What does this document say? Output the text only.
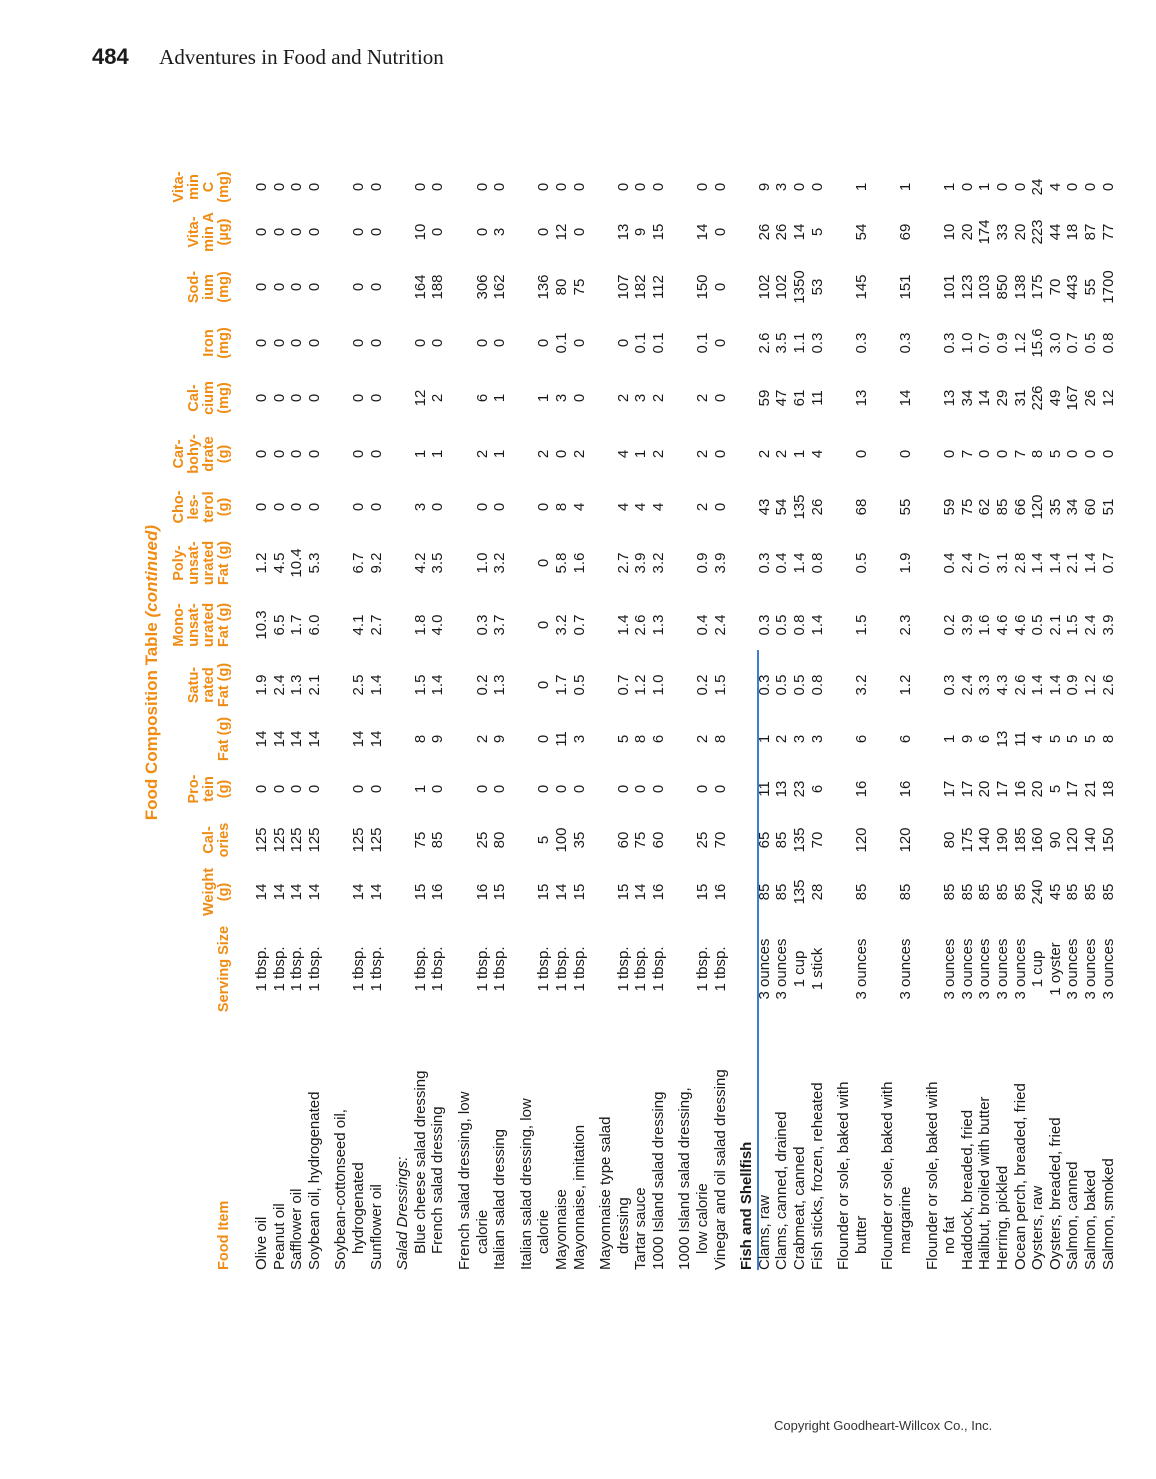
484 Adventures in Food and Nutrition
Food Composition Table (continued)
Food Item
Serving Size
Weight
(g)
Cal-
ories
Pro-
tein
(g)
Fat (g)
Satu-
rated
Fat (g)
Mono-
unsat-
urated
Fat (g)
Poly-
unsat-
urated
Fat (g)
Cho-
les-
terol
(g)
Car-
bohy-
drate
(g)
Cal-
cium
(mg)
Iron
(mg)
Sod-
ium
(mg)
Vita-
min A
(µg)
Vita-
min C
(mg)
Olive oil
1 tbsp.
14
125
0
14
1.9
10.3
1.2
0
0
0
0
0
0
0
Peanut oil
1 tbsp.
14
125
0
14
2.4
6.5
4.5
0
0
0
0
0
0
0
Safflower oil
1 tbsp.
14
125
0
14
1.3
1.7
10.4
0
0
0
0
0
0
0
Soybean oil, hydrogenated
1 tbsp.
14
125
0
14
2.1
6.0
5.3
0
0
0
0
0
0
0
Soybean-cottonseed oil, hydrogenated
1 tbsp.
14
125
0
14
2.5
4.1
6.7
0
0
0
0
0
0
0
Sunflower oil
1 tbsp.
14
125
0
14
1.4
2.7
9.2
0
0
0
0
0
0
0
Salad Dressings: Blue cheese salad dressing
1 tbsp.
15
75
1
8
1.5
1.8
4.2
3
1
12
0
164
10
0
French salad dressing
1 tbsp.
16
85
0
9
1.4
4.0
3.5
0
1
2
0
188
0
0
French salad dressing, low calorie
1 tbsp.
16
25
0
2
0.2
0.3
1.0
0
2
6
0
306
0
0
Italian salad dressing
1 tbsp.
15
80
0
9
1.3
3.7
3.2
0
1
1
0
162
3
0
Italian salad dressing, low calorie
1 tbsp.
15
5
0
0
0
0
0
0
2
1
0
136
0
0
Mayonnaise
1 tbsp.
14
100
0
11
1.7
3.2
5.8
8
0
3
0.1
80
12
0
Mayonnaise, imitation
1 tbsp.
15
35
0
3
0.5
0.7
1.6
4
2
0
0
75
0
0
Mayonnaise type salad dressing
1 tbsp.
15
60
0
5
0.7
1.4
2.7
4
4
2
0
107
13
0
Tartar sauce
1 tbsp.
14
75
0
8
1.2
2.6
3.9
4
1
3
0.1
182
9
0
1000 Island salad dressing
1 tbsp.
16
60
0
6
1.0
1.3
3.2
4
2
2
0.1
112
15
0
1000 Island salad dressing, low calorie
1 tbsp.
15
25
0
2
0.2
0.4
0.9
2
2
2
0.1
150
14
0
Vinegar and oil salad dressing
1 tbsp.
16
70
0
8
1.5
2.4
3.9
0
0
0
0
0
0
0
Fish and Shellfish Clams, raw
3 ounces
85
65
11
1
0.3
0.3
0.3
43
2
59
2.6
102
26
9
Clams, canned, drained
3 ounces
85
85
13
2
0.5
0.5
0.4
54
2
47
3.5
102
26
3
Crabmeat, canned
1 cup
135
135
23
3
0.5
0.8
1.4
135
1
61
1.1
1350
14
0
Fish sticks, frozen, reheated
1 stick
28
70
6
3
0.8
1.4
0.8
26
4
11
0.3
53
5
0
Flounder or sole, baked with butter
3 ounces
85
120
16
6
3.2
1.5
0.5
68
0
13
0.3
145
54
1
Flounder or sole, baked with margarine
3 ounces
85
120
16
6
1.2
2.3
1.9
55
0
14
0.3
151
69
1
Flounder or sole, baked with no fat
3 ounces
85
80
17
1
0.3
0.2
0.4
59
0
13
0.3
101
10
1
Haddock, breaded, fried
3 ounces
85
175
17
9
2.4
3.9
2.4
75
7
34
1.0
123
20
0
Halibut, broiled with butter
3 ounces
85
140
20
6
3.3
1.6
0.7
62
0
14
0.7
103
174
1
Herring, pickled
3 ounces
85
190
17
13
4.3
4.6
3.1
85
0
29
0.9
850
33
0
Ocean perch, breaded, fried
3 ounces
85
185
16
11
2.6
4.6
2.8
66
7
31
1.2
138
20
0
Oysters, raw
1 cup
240
160
20
4
1.4
0.5
1.4
120
8
226
15.6
175
223
24
Oysters, breaded, fried
1 oyster
45
90
5
5
1.4
2.1
1.4
35
5
49
3.0
70
44
4
Salmon, canned
3 ounces
85
120
17
5
0.9
1.5
2.1
34
0
167
0.7
443
18
0
Salmon, baked
3 ounces
85
140
21
5
1.2
2.4
1.4
60
0
26
0.5
55
87
0
Salmon, smoked
3 ounces
85
150
18
8
2.6
3.9
0.7
51
0
12
0.8
1700
77
0
Copyright Goodheart-Willcox Co., Inc.
